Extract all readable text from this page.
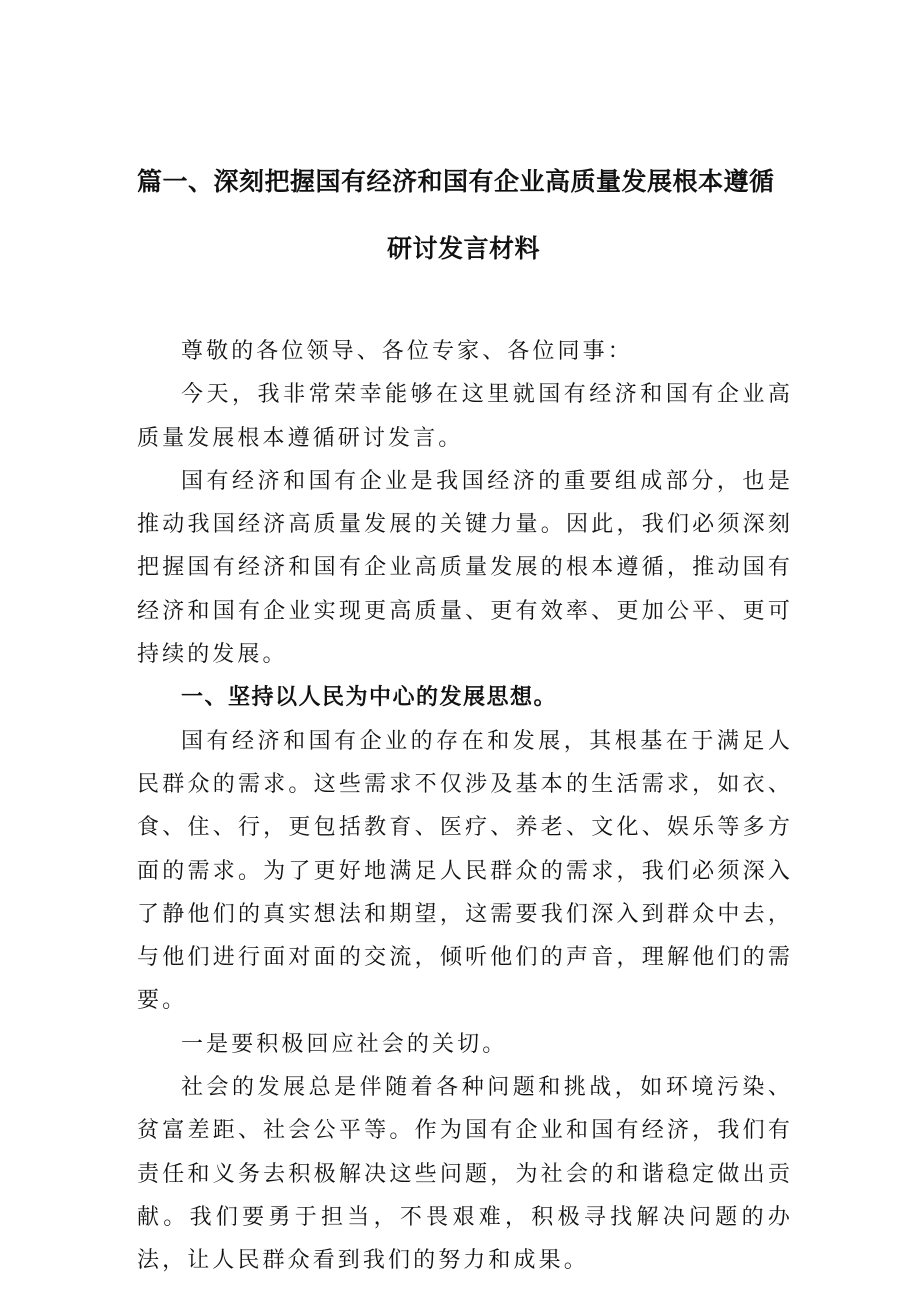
篇一、深刻把握国有经济和国有企业高质量发展根本遵循
研讨发言材料

尊敬的各位领导、各位专家、各位同事：

今天，我非常荣幸能够在这里就国有经济和国有企业高质量发展根本遵循研讨发言。

国有经济和国有企业是我国经济的重要组成部分，也是推动我国经济高质量发展的关键力量。因此，我们必须深刻把握国有经济和国有企业高质量发展的根本遵循，推动国有经济和国有企业实现更高质量、更有效率、更加公平、更可持续的发展。

一、坚持以人民为中心的发展思想。

国有经济和国有企业的存在和发展，其根基在于满足人民群众的需求。这些需求不仅涉及基本的生活需求，如衣、食、住、行，更包括教育、医疗、养老、文化、娱乐等多方面的需求。为了更好地满足人民群众的需求，我们必须深入了静他们的真实想法和期望，这需要我们深入到群众中去，与他们进行面对面的交流，倾听他们的声音，理解他们的需要。

一是要积极回应社会的关切。

社会的发展总是伴随着各种问题和挑战，如环境污染、贫富差距、社会公平等。作为国有企业和国有经济，我们有责任和义务去积极解决这些问题，为社会的和谐稳定做出贡献。我们要勇于担当，不畏艰难，积极寻找解决问题的办法，让人民群众看到我们的努力和成果。
